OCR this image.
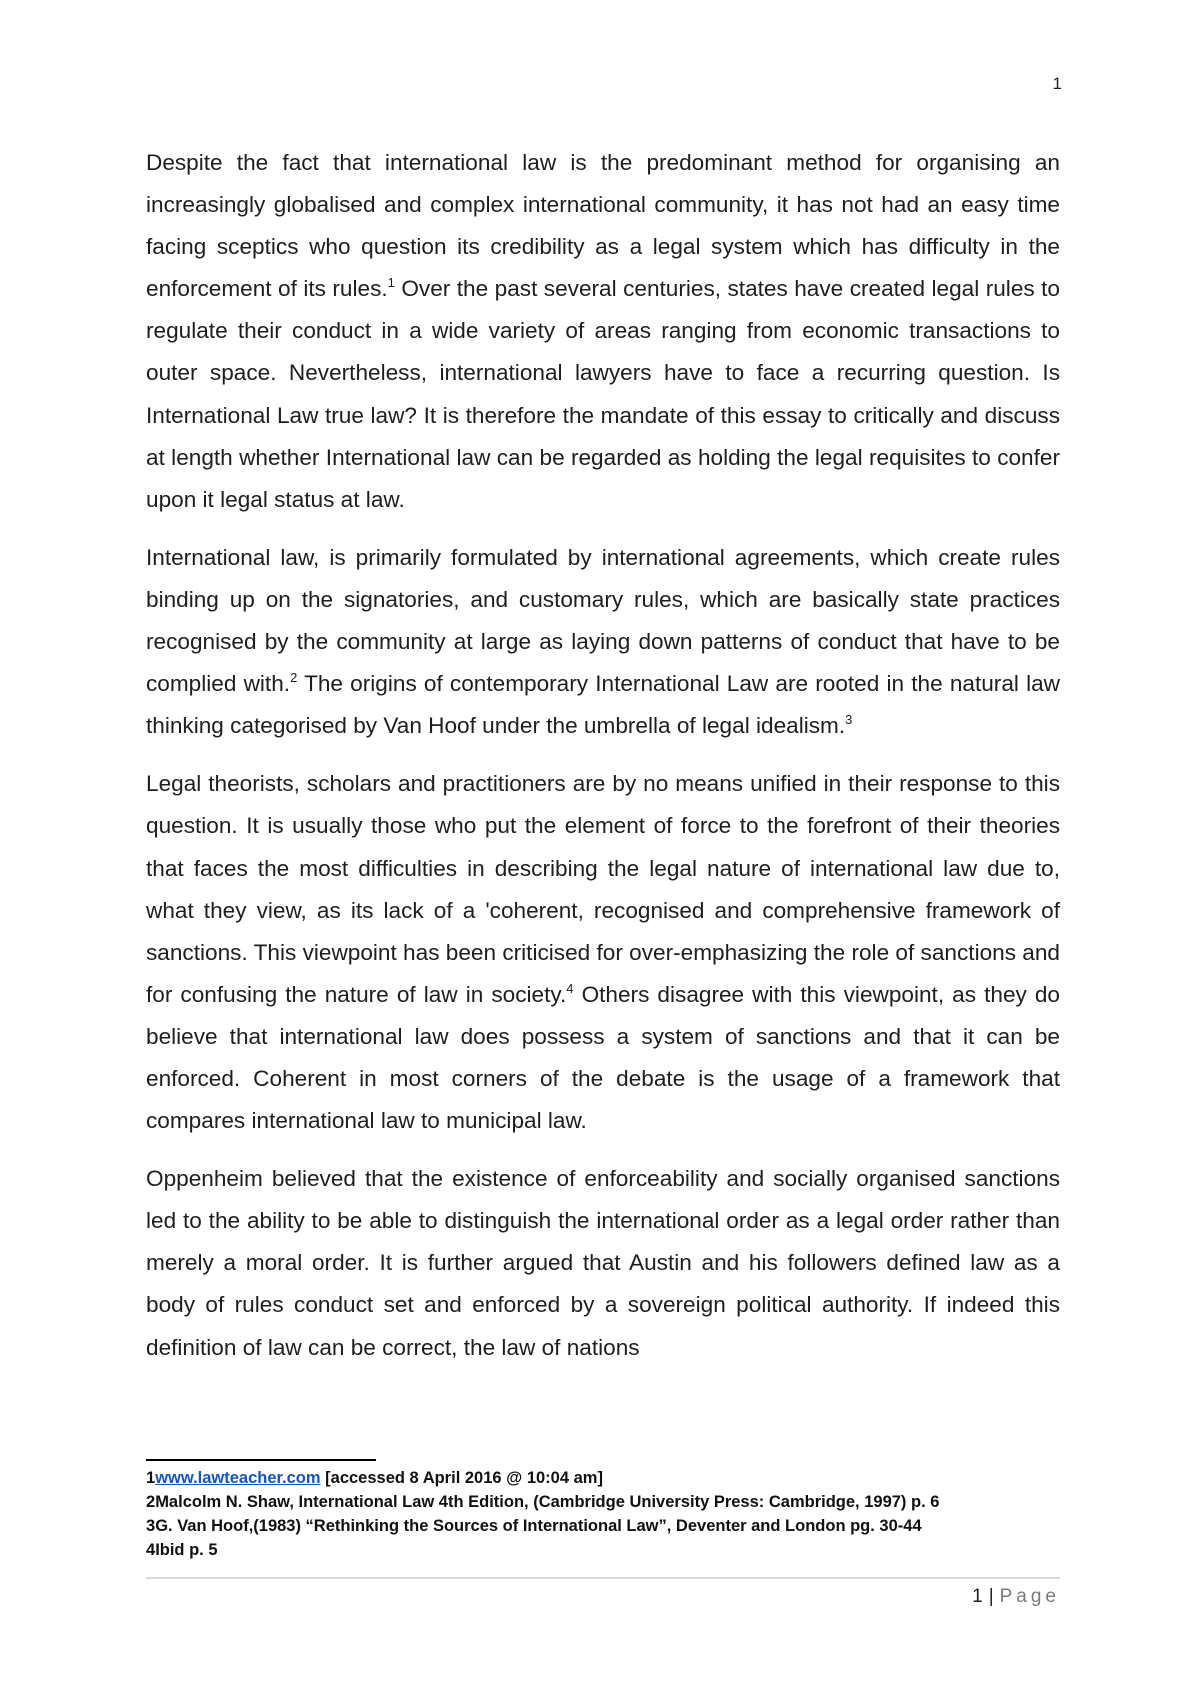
1

Despite the fact that international law is the predominant method for organising an increasingly globalised and complex international community, it has not had an easy time facing sceptics who question its credibility as a legal system which has difficulty in the enforcement of its rules.$^1$ Over the past several centuries, states have created legal rules to regulate their conduct in a wide variety of areas ranging from economic transactions to outer space. Nevertheless, international lawyers have to face a recurring question. Is International Law true law? It is therefore the mandate of this essay to critically and discuss at length whether International law can be regarded as holding the legal requisites to confer upon it legal status at law.

International law, is primarily formulated by international agreements, which create rules binding up on the signatories, and customary rules, which are basically state practices recognised by the community at large as laying down patterns of conduct that have to be complied with.$^2$ The origins of contemporary International Law are rooted in the natural law thinking categorised by Van Hoof under the umbrella of legal idealism.$^3$

Legal theorists, scholars and practitioners are by no means unified in their response to this question. It is usually those who put the element of force to the forefront of their theories that faces the most difficulties in describing the legal nature of international law due to, what they view, as its lack of a 'coherent, recognised and comprehensive framework of sanctions. This viewpoint has been criticised for over-emphasizing the role of sanctions and for confusing the nature of law in society.$^4$ Others disagree with this viewpoint, as they do believe that international law does possess a system of sanctions and that it can be enforced. Coherent in most corners of the debate is the usage of a framework that compares international law to municipal law.

Oppenheim believed that the existence of enforceability and socially organised sanctions led to the ability to be able to distinguish the international order as a legal order rather than merely a moral order. It is further argued that Austin and his followers defined law as a body of rules conduct set and enforced by a sovereign political authority. If indeed this definition of law can be correct, the law of nations

1www.lawteacher.com [accessed 8 April 2016 @ 10:04 am]
2Malcolm N. Shaw, International Law 4th Edition, (Cambridge University Press: Cambridge, 1997) p. 6
3G. Van Hoof,(1983) “Rethinking the Sources of International Law”, Deventer and London pg. 30-44
4Ibid p. 5
1 | Page
